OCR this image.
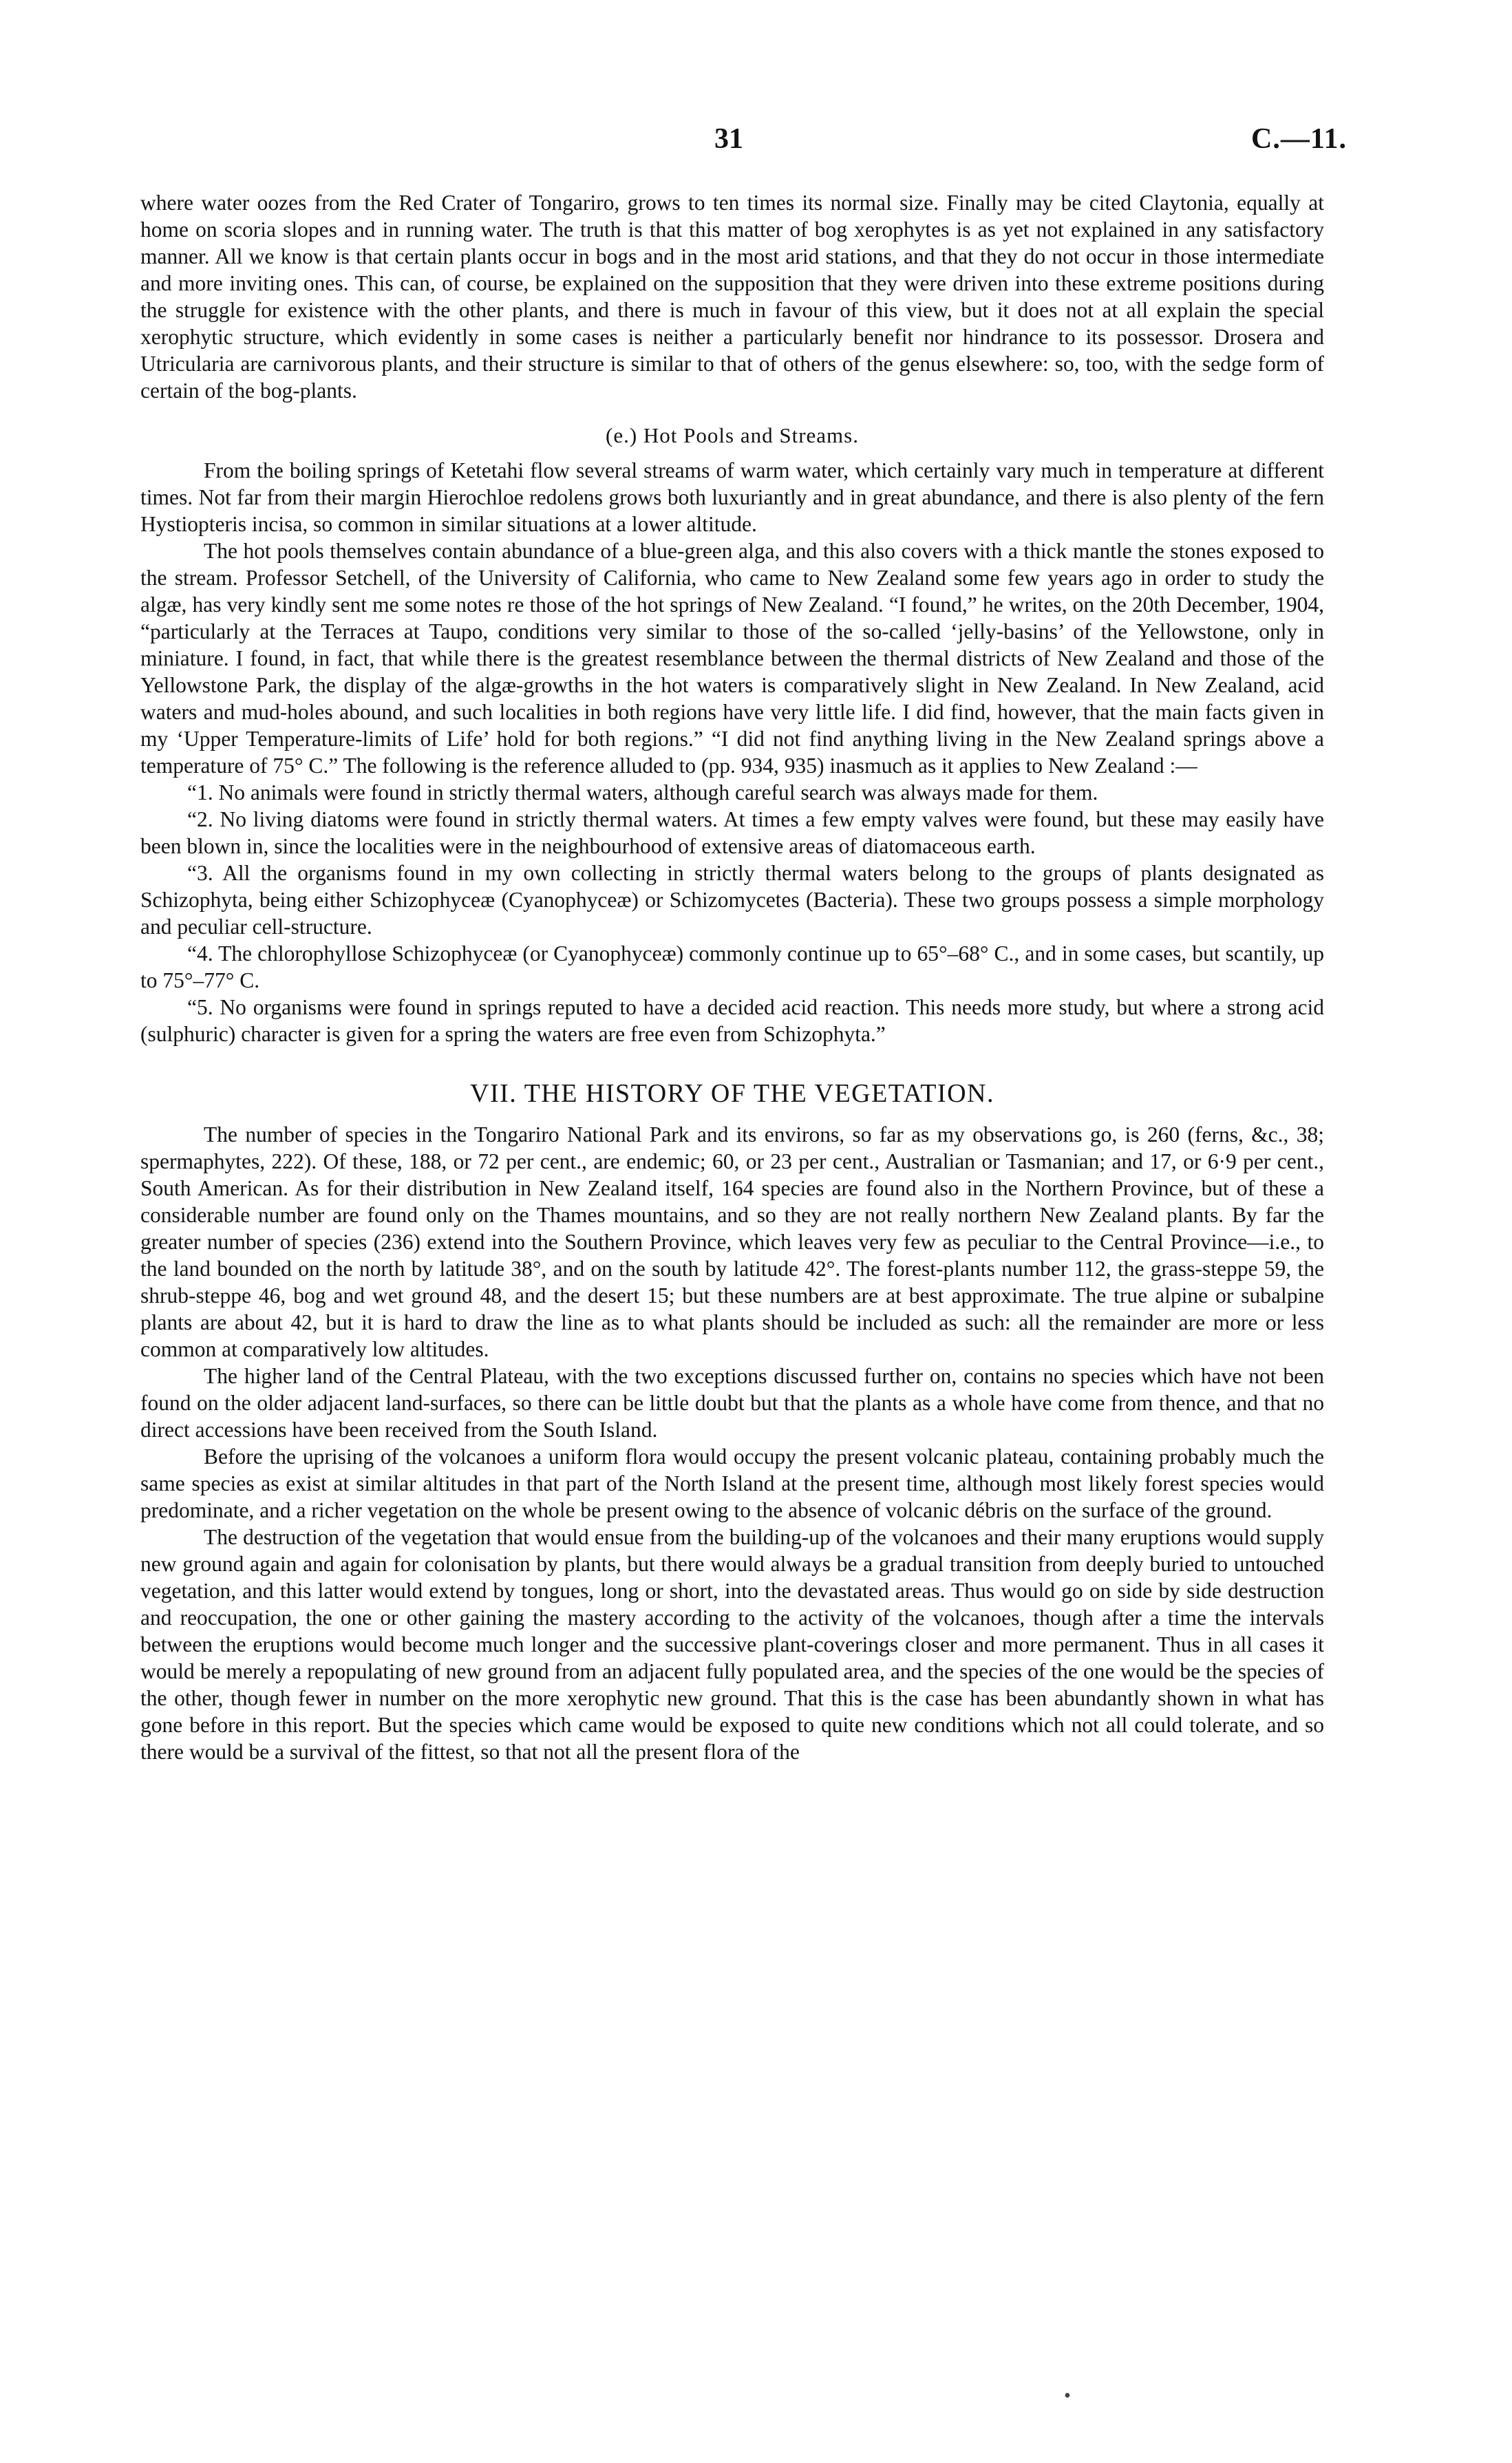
31	C.—11.

where water oozes from the Red Crater of Tongariro, grows to ten times its normal size. Finally may be cited Claytonia, equally at home on scoria slopes and in running water. The truth is that this matter of bog xerophytes is as yet not explained in any satisfactory manner. All we know is that certain plants occur in bogs and in the most arid stations, and that they do not occur in those intermediate and more inviting ones. This can, of course, be explained on the supposition that they were driven into these extreme positions during the struggle for existence with the other plants, and there is much in favour of this view, but it does not at all explain the special xerophytic structure, which evidently in some cases is neither a particularly benefit nor hindrance to its possessor. Drosera and Utricularia are carnivorous plants, and their structure is similar to that of others of the genus elsewhere: so, too, with the sedge form of certain of the bog-plants.

(e.) Hot Pools and Streams.

From the boiling springs of Ketetahi flow several streams of warm water, which certainly vary much in temperature at different times. Not far from their margin Hierochloe redolens grows both luxuriantly and in great abundance, and there is also plenty of the fern Hystiopteris incisa, so common in similar situations at a lower altitude.

The hot pools themselves contain abundance of a blue-green alga, and this also covers with a thick mantle the stones exposed to the stream. Professor Setchell, of the University of California, who came to New Zealand some few years ago in order to study the algæ, has very kindly sent me some notes re those of the hot springs of New Zealand. “I found,” he writes, on the 20th December, 1904, “particularly at the Terraces at Taupo, conditions very similar to those of the so-called ‘jelly-basins’ of the Yellowstone, only in miniature. I found, in fact, that while there is the greatest resemblance between the thermal districts of New Zealand and those of the Yellowstone Park, the display of the algæ-growths in the hot waters is comparatively slight in New Zealand. In New Zealand, acid waters and mud-holes abound, and such localities in both regions have very little life. I did find, however, that the main facts given in my ‘Upper Temperature-limits of Life’ hold for both regions.” “I did not find anything living in the New Zealand springs above a temperature of 75° C.” The following is the reference alluded to (pp. 934, 935) inasmuch as it applies to New Zealand :—

“1. No animals were found in strictly thermal waters, although careful search was always made for them.

“2. No living diatoms were found in strictly thermal waters. At times a few empty valves were found, but these may easily have been blown in, since the localities were in the neighbourhood of extensive areas of diatomaceous earth.

“3. All the organisms found in my own collecting in strictly thermal waters belong to the groups of plants designated as Schizophyta, being either Schizophyceæ (Cyanophyceæ) or Schizomycetes (Bacteria). These two groups possess a simple morphology and peculiar cell-structure.

“4. The chlorophyllose Schizophyceæ (or Cyanophyceæ) commonly continue up to 65°–68° C., and in some cases, but scantily, up to 75°–77° C.

“5. No organisms were found in springs reputed to have a decided acid reaction. This needs more study, but where a strong acid (sulphuric) character is given for a spring the waters are free even from Schizophyta.”

VII. THE HISTORY OF THE VEGETATION.

The number of species in the Tongariro National Park and its environs, so far as my observations go, is 260 (ferns, &c., 38; spermaphytes, 222). Of these, 188, or 72 per cent., are endemic; 60, or 23 per cent., Australian or Tasmanian; and 17, or 6·9 per cent., South American. As for their distribution in New Zealand itself, 164 species are found also in the Northern Province, but of these a considerable number are found only on the Thames mountains, and so they are not really northern New Zealand plants. By far the greater number of species (236) extend into the Southern Province, which leaves very few as peculiar to the Central Province—i.e., to the land bounded on the north by latitude 38°, and on the south by latitude 42°. The forest-plants number 112, the grass-steppe 59, the shrub-steppe 46, bog and wet ground 48, and the desert 15; but these numbers are at best approximate. The true alpine or subalpine plants are about 42, but it is hard to draw the line as to what plants should be included as such: all the remainder are more or less common at comparatively low altitudes.

The higher land of the Central Plateau, with the two exceptions discussed further on, contains no species which have not been found on the older adjacent land-surfaces, so there can be little doubt but that the plants as a whole have come from thence, and that no direct accessions have been received from the South Island.

Before the uprising of the volcanoes a uniform flora would occupy the present volcanic plateau, containing probably much the same species as exist at similar altitudes in that part of the North Island at the present time, although most likely forest species would predominate, and a richer vegetation on the whole be present owing to the absence of volcanic débris on the surface of the ground.

The destruction of the vegetation that would ensue from the building-up of the volcanoes and their many eruptions would supply new ground again and again for colonisation by plants, but there would always be a gradual transition from deeply buried to untouched vegetation, and this latter would extend by tongues, long or short, into the devastated areas. Thus would go on side by side destruction and reoccupation, the one or other gaining the mastery according to the activity of the volcanoes, though after a time the intervals between the eruptions would become much longer and the successive plant-coverings closer and more permanent. Thus in all cases it would be merely a repopulating of new ground from an adjacent fully populated area, and the species of the one would be the species of the other, though fewer in number on the more xerophytic new ground. That this is the case has been abundantly shown in what has gone before in this report. But the species which came would be exposed to quite new conditions which not all could tolerate, and so there would be a survival of the fittest, so that not all the present flora of the

•
